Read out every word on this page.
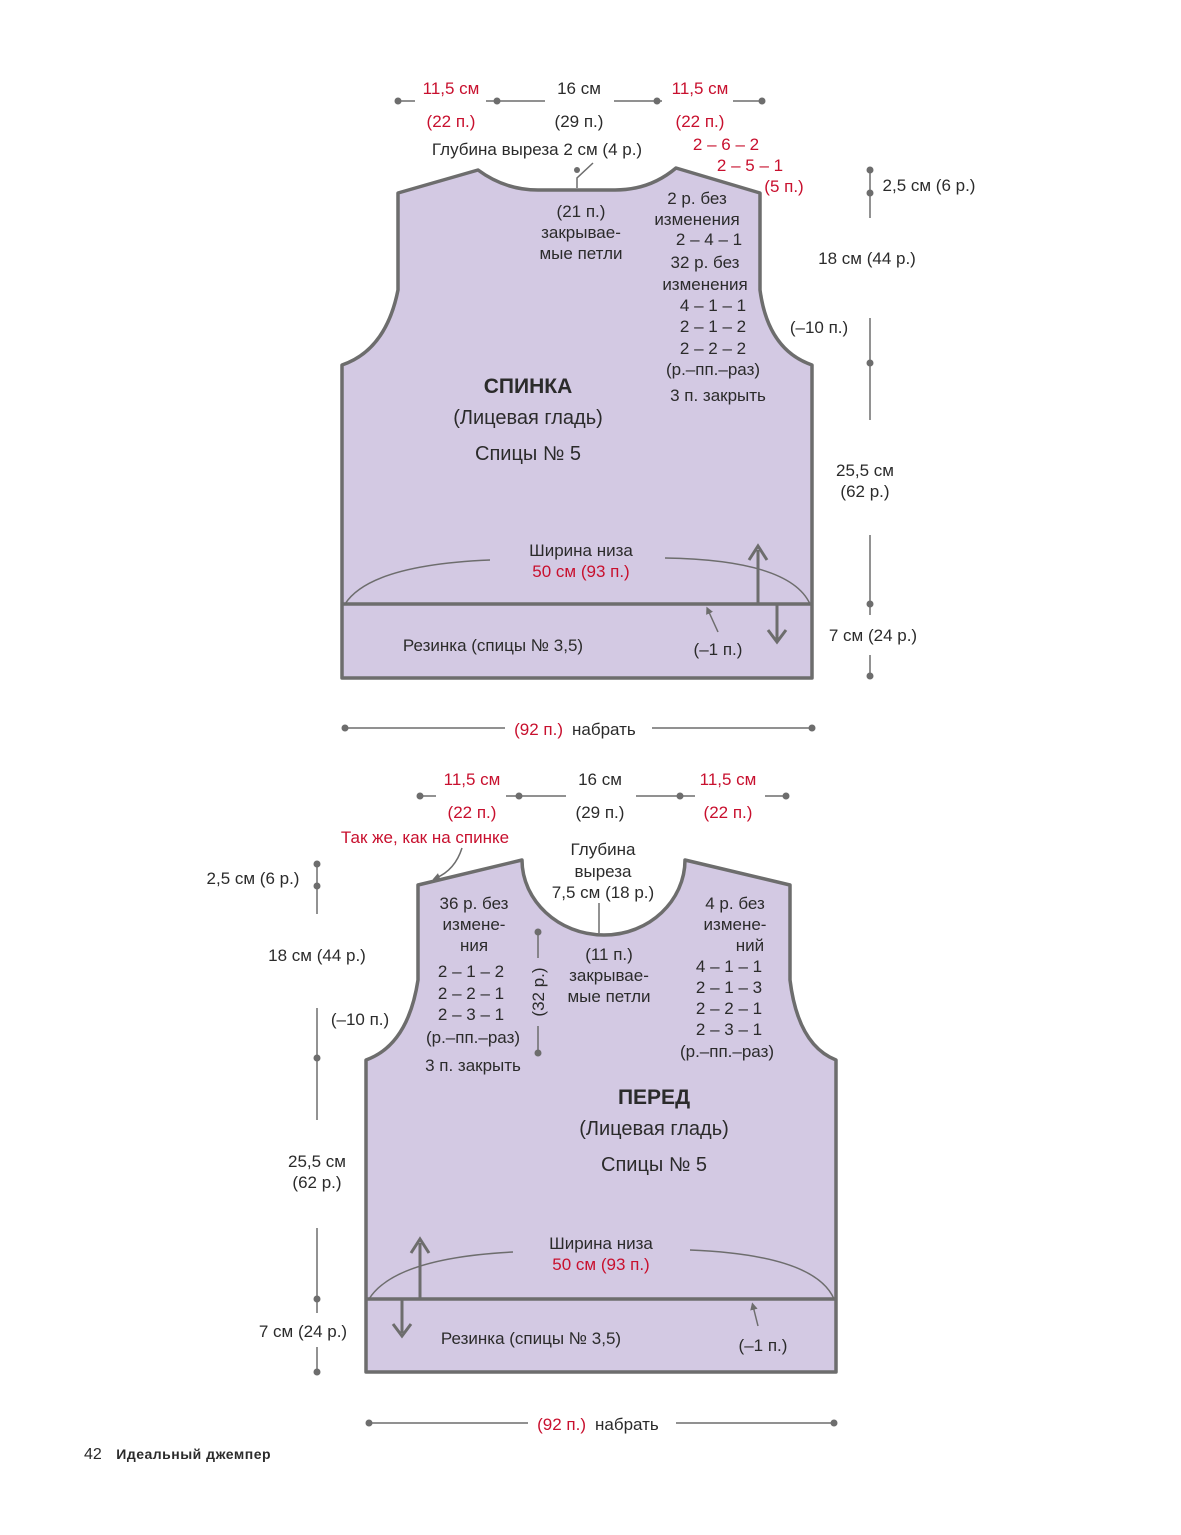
11,5 см	16 см	11,5 см
(22 п.)	(29 п.)	(22 п.)
Глубина выреза 2 см (4 р.)	2 – 6 – 2
2 – 5 – 1
(5 п.)
(21 п.)
закрывае-
мые петли
2 р. без
изменения
2 – 4 – 1
32 р. без
изменения
4 – 1 – 1
2 – 1 – 2
2 – 2 – 2
(р.–пп.–раз)
3 п. закрыть
(–10 п.)
СПИНКА
(Лицевая гладь)
Спицы № 5
Ширина низа
50 см (93 п.)
Резинка (спицы № 3,5)	(–1 п.)
2,5 см (6 р.)
18 см (44 р.)
25,5 см
(62 р.)
7 см (24 р.)
(92 п.) набрать
11,5 см	16 см	11,5 см
(22 п.)	(29 п.)	(22 п.)
Так же, как на спинке
Глубина
выреза
7,5 см (18 р.)
(11 п.)
закрывае-
мые петли
36 р. без
измене-
ния
2 – 1 – 2
2 – 2 – 1
2 – 3 – 1
(р.–пп.–раз)
3 п. закрыть
(32 р.)
4 р. без
измене-
ний
4 – 1 – 1
2 – 1 – 3
2 – 2 – 1
2 – 3 – 1
(р.–пп.–раз)
(–10 п.)
ПЕРЕД
(Лицевая гладь)
Спицы № 5
Ширина низа
50 см (93 п.)
Резинка (спицы № 3,5)	(–1 п.)
2,5 см (6 р.)
18 см (44 р.)
25,5 см
(62 р.)
7 см (24 р.)
(92 п.) набрать
42 Идеальный джемпер
